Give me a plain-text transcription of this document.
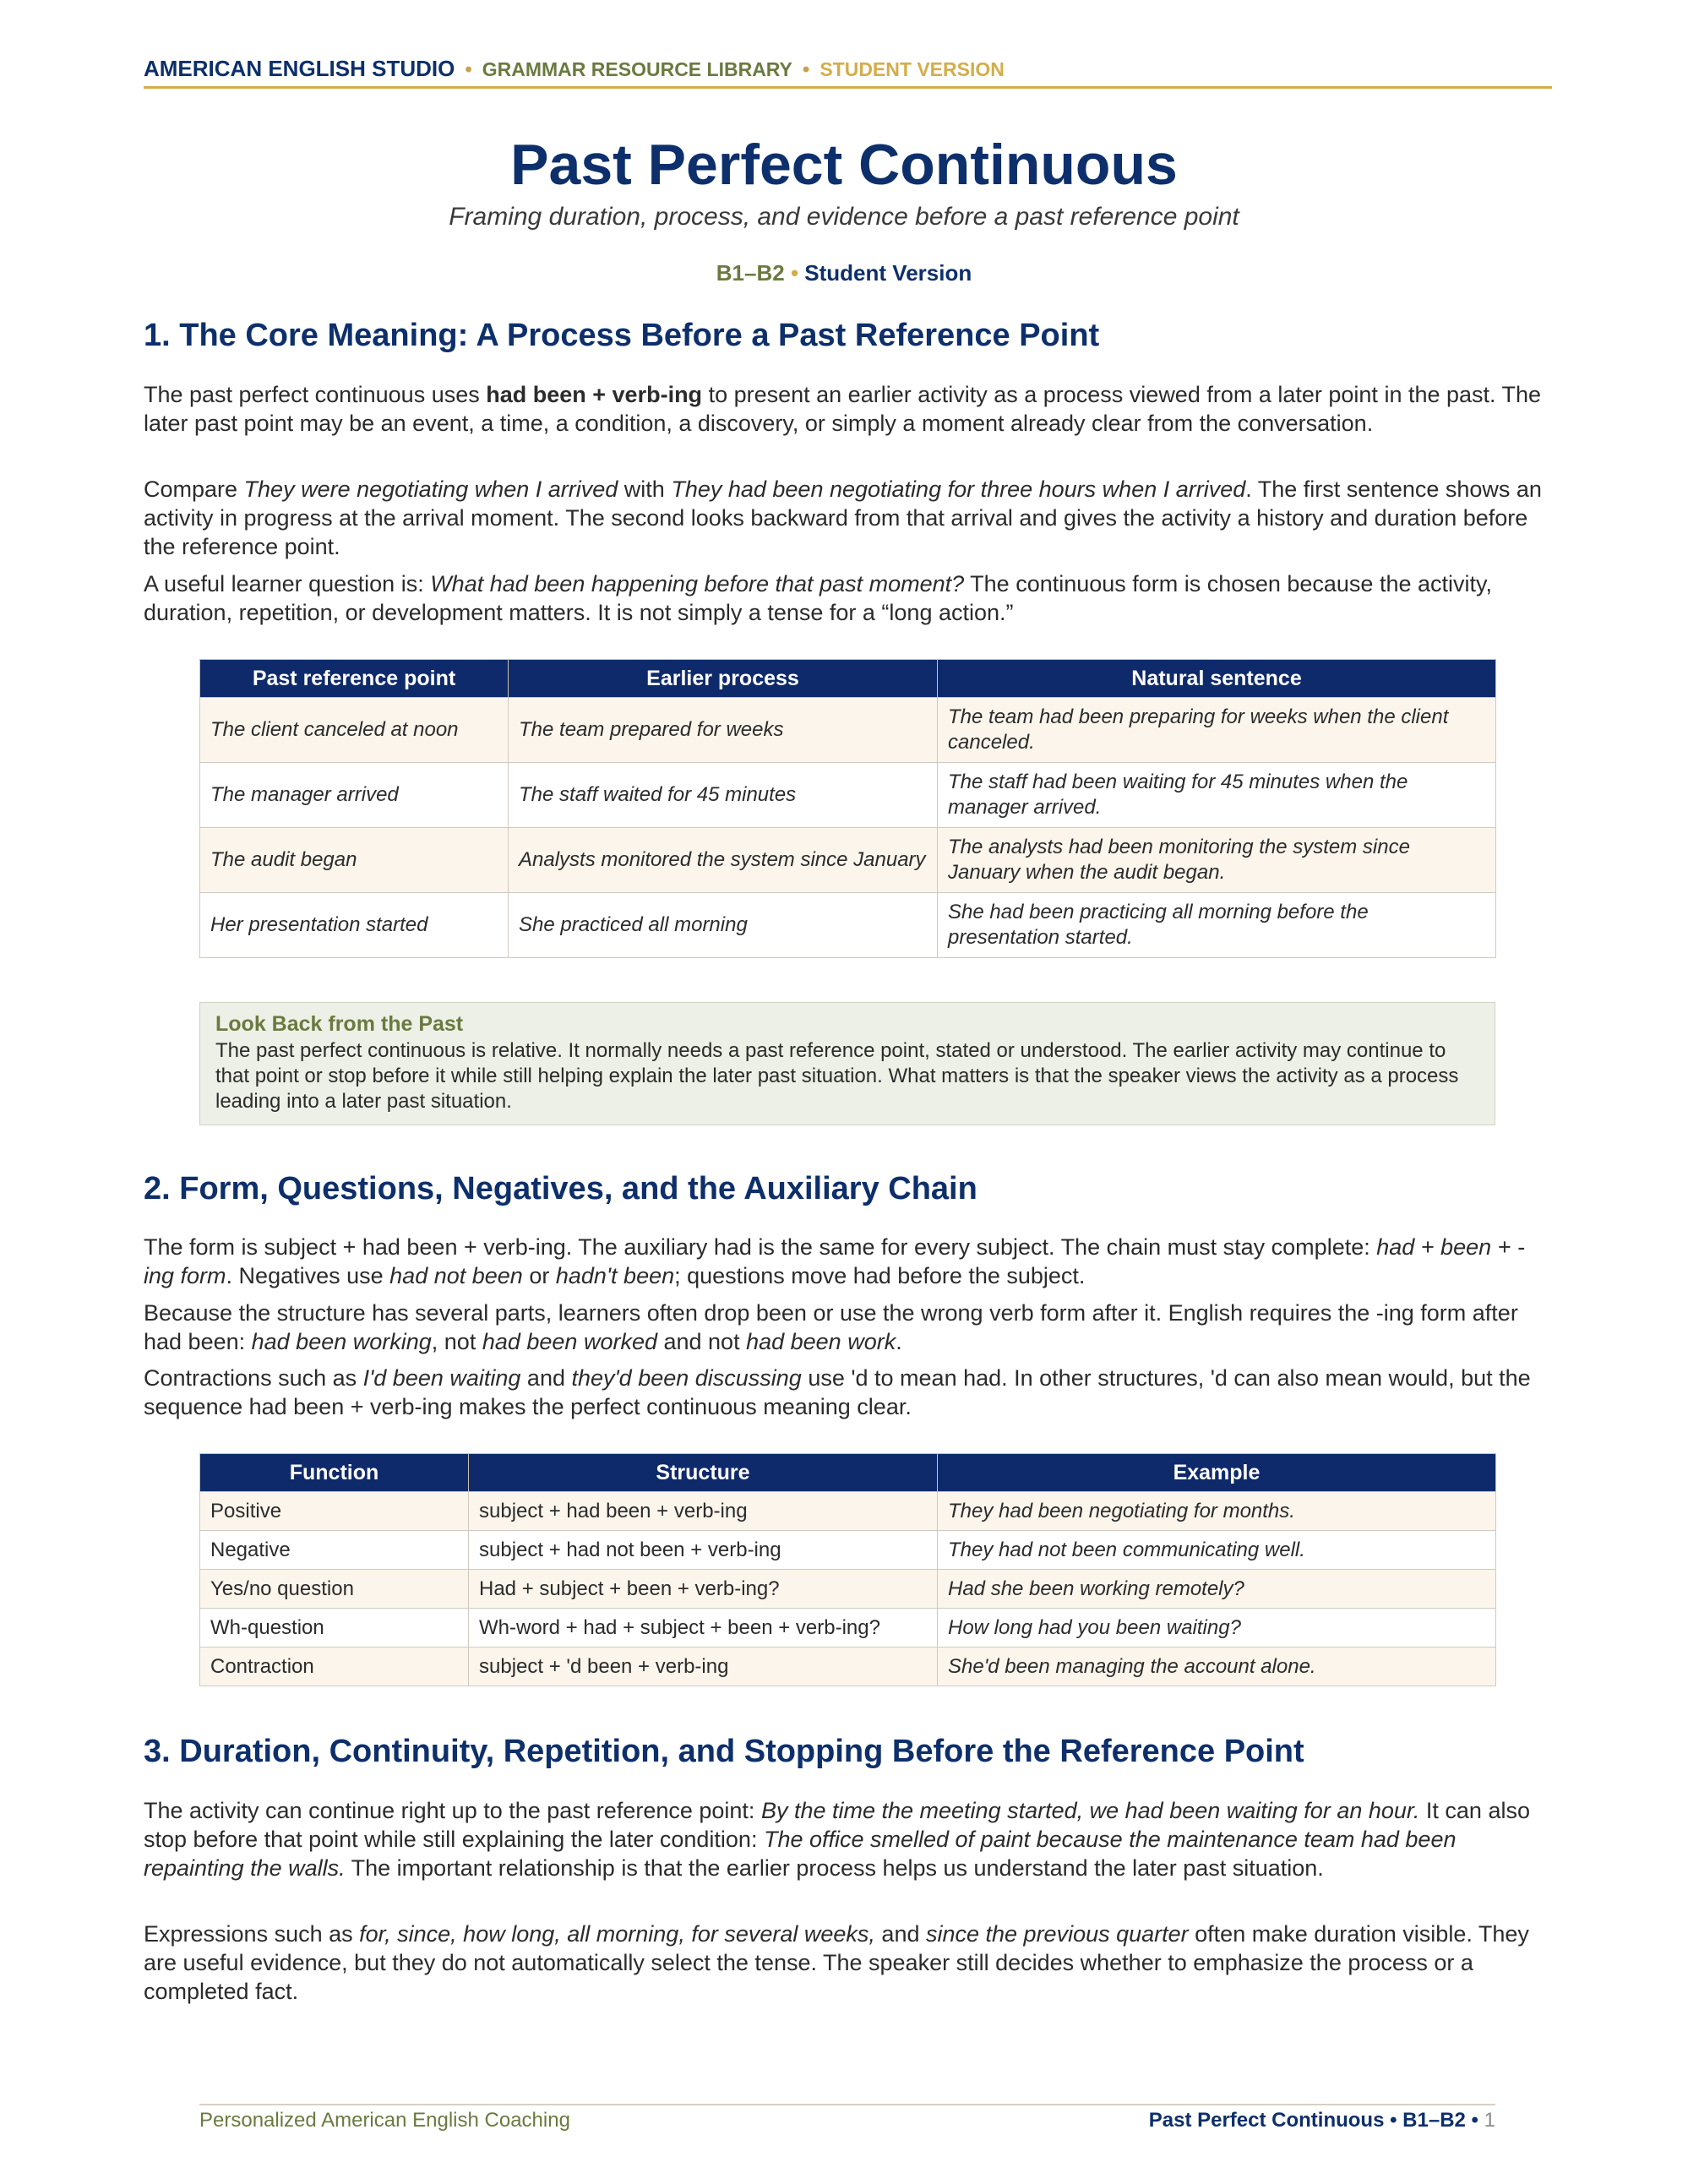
AMERICAN ENGLISH STUDIO • GRAMMAR RESOURCE LIBRARY • STUDENT VERSION
Past Perfect Continuous
Framing duration, process, and evidence before a past reference point
B1–B2 • Student Version
1. The Core Meaning: A Process Before a Past Reference Point

The past perfect continuous uses had been + verb-ing to present an earlier activity as a process viewed from a later point in the past. The later past point may be an event, a time, a condition, a discovery, or simply a moment already clear from the conversation.

Compare They were negotiating when I arrived with They had been negotiating for three hours when I arrived. The first sentence shows an activity in progress at the arrival moment. The second looks backward from that arrival and gives the activity a history and duration before the reference point.

A useful learner question is: What had been happening before that past moment? The continuous form is chosen because the activity, duration, repetition, or development matters. It is not simply a tense for a “long action.”

Past reference point	Earlier process	Natural sentence
The client canceled at noon	The team prepared for weeks	The team had been preparing for weeks when the client canceled.
The manager arrived	The staff waited for 45 minutes	The staff had been waiting for 45 minutes when the manager arrived.
The audit began	Analysts monitored the system since January	The analysts had been monitoring the system since January when the audit began.
Her presentation started	She practiced all morning	She had been practicing all morning before the presentation started.
Look Back from the Past
The past perfect continuous is relative. It normally needs a past reference point, stated or understood. The earlier activity may continue to that point or stop before it while still helping explain the later past situation. What matters is that the speaker views the activity as a process leading into a later past situation.
2. Form, Questions, Negatives, and the Auxiliary Chain

The form is subject + had been + verb-ing. The auxiliary had is the same for every subject. The chain must stay complete: had + been + -ing form. Negatives use had not been or hadn't been; questions move had before the subject.

Because the structure has several parts, learners often drop been or use the wrong verb form after it. English requires the -ing form after had been: had been working, not had been worked and not had been work.

Contractions such as I'd been waiting and they'd been discussing use 'd to mean had. In other structures, 'd can also mean would, but the sequence had been + verb-ing makes the perfect continuous meaning clear.

Function	Structure	Example
Positive	subject + had been + verb-ing	They had been negotiating for months.
Negative	subject + had not been + verb-ing	They had not been communicating well.
Yes/no question	Had + subject + been + verb-ing?	Had she been working remotely?
Wh-question	Wh-word + had + subject + been + verb-ing?	How long had you been waiting?
Contraction	subject + 'd been + verb-ing	She'd been managing the account alone.
3. Duration, Continuity, Repetition, and Stopping Before the Reference Point

The activity can continue right up to the past reference point: By the time the meeting started, we had been waiting for an hour. It can also stop before that point while still explaining the later condition: The office smelled of paint because the maintenance team had been repainting the walls. The important relationship is that the earlier process helps us understand the later past situation.

Expressions such as for, since, how long, all morning, for several weeks, and since the previous quarter often make duration visible. They are useful evidence, but they do not automatically select the tense. The speaker still decides whether to emphasize the process or a completed fact.

Personalized American English Coaching	Past Perfect Continuous • B1–B2 • 1
